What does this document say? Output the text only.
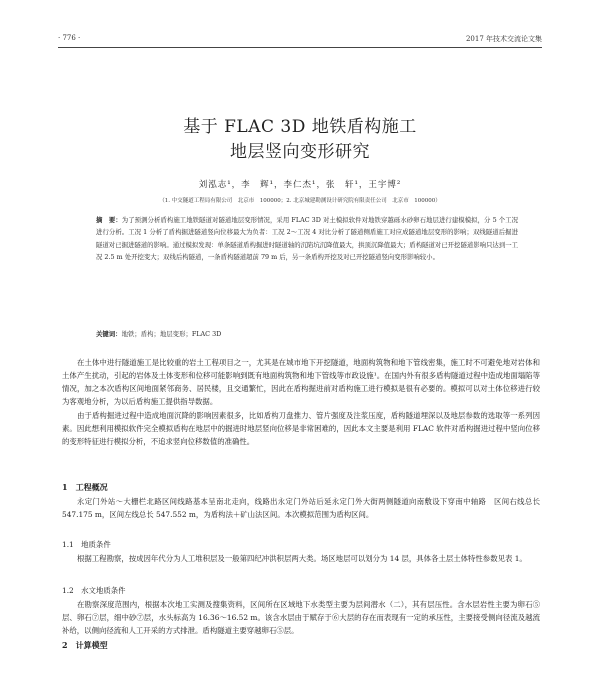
· 776 ·	2017 年技术交流论文集
基于 FLAC 3D 地铁盾构施工
地层竖向变形研究
刘泓志¹，李　辉¹，李仁杰¹，张　轩¹，王宇博²
（1. 中交隧道工程局有限公司　北京市　100000；2. 北京城建勘测设计研究院有限责任公司　北京市　100000）
摘　要：为了预测分析盾构施工地铁隧道对隧道地层变形情况，采用 FLAC 3D 对土模拟软件对地铁穿越砾水砂卵石地层进行建模模拟，分 5 个工况进行分析。工况 1 分析了盾构掘进隧道竖向位移最大为负者：工况 2～工况 4 对比分析了隧道侧盾施工对应成隧道地层变形的影响；双线隧道后掘进隧道对已掘进隧道的影响。通过模拟发现：单条隧道盾构掘进时隧道轴的沉陷坑沉降值最大，拱顶沉降值最大；盾构隧道对已开挖隧道影响只达到一工况 2.5 m 处开挖变大；双线后构隧道，一条盾构隧道超前 79 m 后，另一条盾构开挖及对已开挖隧道竖向变形影响较小。
关键词：地铁；盾构；地层变形；FLAC 3D
在土体中进行隧道施工是比较重的岩土工程项目之一，尤其是在城市地下开挖隧道，地面构筑物和地下管线密集，施工时不可避免地对岩体和土体产生扰动，引起的岩体及土体变形和位移可能影响到既有地面构筑物和地下管线等市政设施¹。在国内外有很多盾构隧道过程中造成地面塌陷等情况，加之本次盾构区间地面紧邻商务、居民楼，且交通繁忙，因此在盾构掘进前对盾构施工进行模拟是很有必要的。模拟可以对土体位移进行较为客观地分析，为以后盾构施工提供指导数据。
由于盾构掘进过程中造成地面沉降的影响因素很多，比如盾构刀盘推力、管片强度及注浆压度，盾构隧道埋深以及地层参数的选取等一系列因素。因此想利用模拟软件完全模拟盾构在地层中的掘进时地层竖向位移是非常困难的，因此本文主要是利用 FLAC 软件对盾构掘进过程中竖向位移的变形特征进行模拟分析，不追求竖向位移数值的准确性。
1　工程概况
永定门外站～大栅栏北路区间线路基本呈南北走向，线路出永定门外站后延永定门外大街两侧隧道向南敷设下穿南中轴路　区间右线总长 547.175 m，区间左线总长 547.552 m，为盾构法＋矿山法区间。本次模拟范围为盾构区间。
1.1　地质条件
根据工程勘察，按成因年代分为人工堆积层及一般第四纪冲洪积层两大类。场区地层可以划分为 14 层，具体各土层土体特性参数见表 1。
1.2　水文地质条件
在勘察深度范围内，根据本次地工实测及搜集资料，区间所在区域地下水类型主要为层间潜水（二），其有层压性。含水层岩性主要为卵石⑤层、卵石⑦层，细中砂⑦层，水头标高为 16.36～16.52 m。该含水层由于赋存于⑥大层的存在而表现有一定的承压性，主要接受侧向径流及越流补给，以侧向径流和人工开采的方式排泄。盾构隧道主要穿越卵石⑤层。
2　计算模型
